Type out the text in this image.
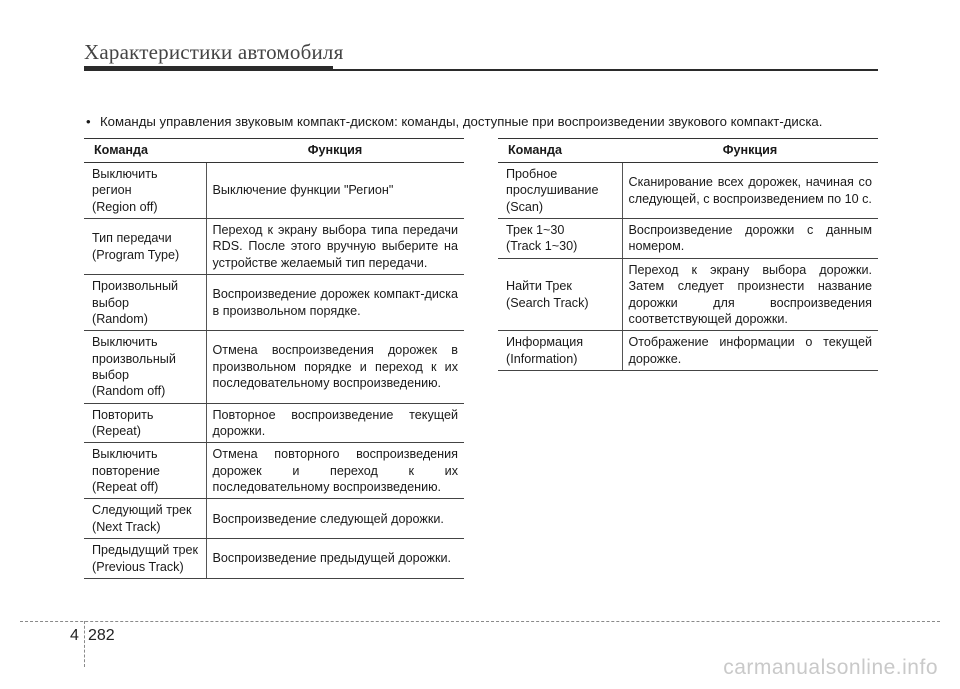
Характеристики автомобиля
• Команды управления звуковым компакт-диском: команды, доступные при воспроизведении звукового компакт-диска.
Команда	Функция
Выключить регион
(Region off)	Выключение функции "Регион"
Тип передачи
(Program Type)	Переход к экрану выбора типа передачи RDS. После этого вручную выберите на устройстве желаемый тип передачи.
Произвольный
выбор
(Random)	Воспроизведение дорожек компакт-диска в произвольном порядке.
Выключить
произвольный
выбор
(Random off)	Отмена воспроизведения дорожек в произвольном порядке и переход к их последовательному воспроизведению.
Повторить
(Repeat)	Повторное воспроизведение текущей дорожки.
Выключить
повторение
(Repeat off)	Отмена повторного воспроизведения дорожек и переход к их последовательному воспроизведению.
Следующий трек
(Next Track)	Воспроизведение следующей дорожки.
Предыдущий трек
(Previous Track)	Воспроизведение предыдущей дорожки.
Команда	Функция
Пробное
прослушивание
(Scan)	Сканирование всех дорожек, начиная со следующей, с воспроизведением по 10 с.
Трек 1~30
(Track 1~30)	Воспроизведение дорожки с данным номером.
Найти Трек
(Search Track)	Переход к экрану выбора дорожки. Затем следует произнести название дорожки для воспроизведения соответствующей дорожки.
Информация
(Information)	Отображение информации о текущей дорожке.
4 282
carmanualsonline.info
